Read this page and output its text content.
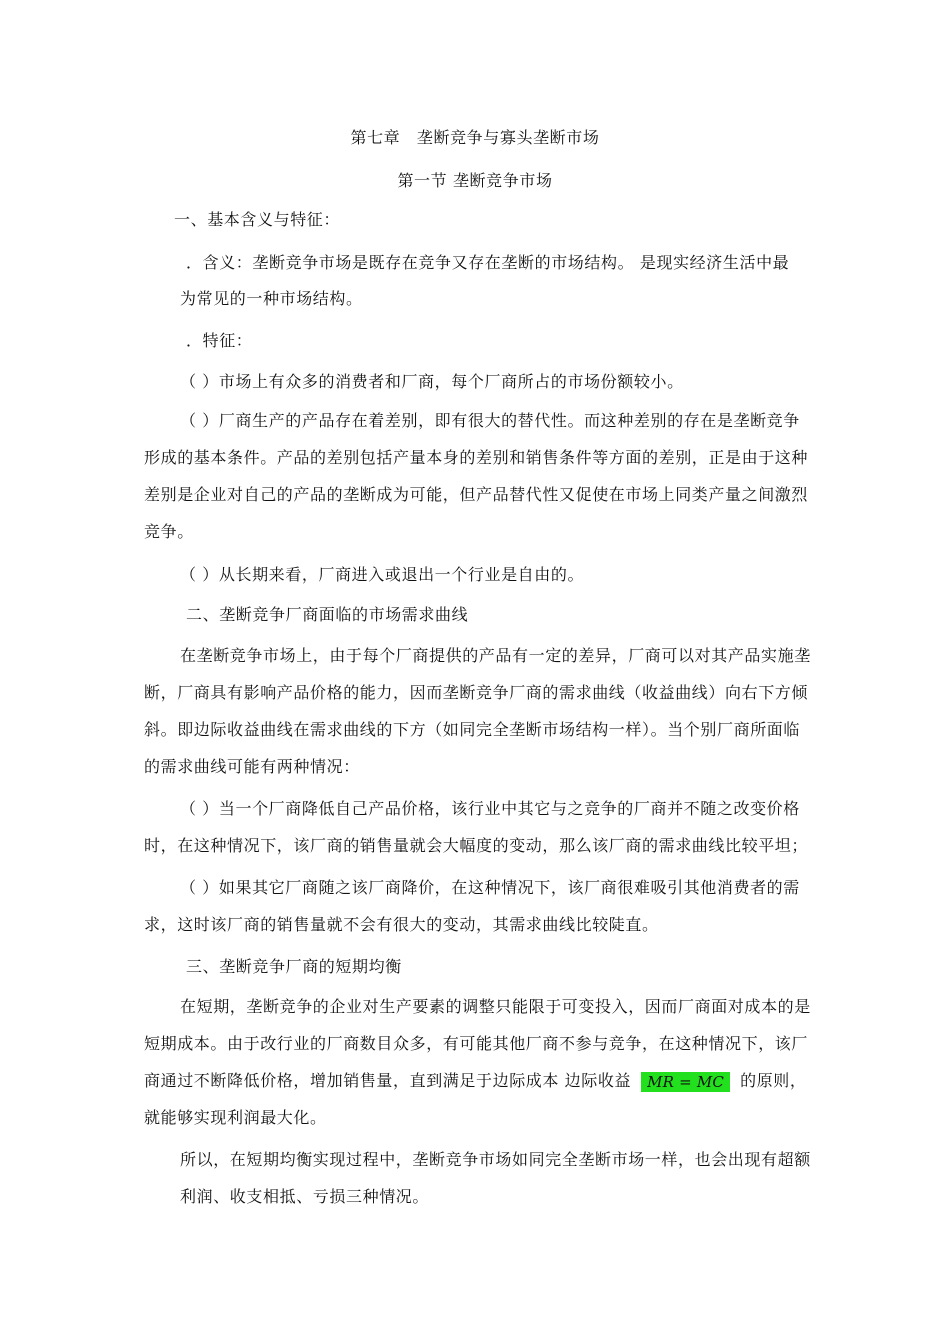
第七章　垄断竞争与寡头垄断市场
第一节 垄断竞争市场
一、基本含义与特征：
．含义：垄断竞争市场是既存在竞争又存在垄断的市场结构。 是现实经济生活中最
为常见的一种市场结构。
．特征：
（ ）市场上有众多的消费者和厂商，每个厂商所占的市场份额较小。
（ ）厂商生产的产品存在着差别，即有很大的替代性。而这种差别的存在是垄断竞争
形成的基本条件。产品的差别包括产量本身的差别和销售条件等方面的差别，正是由于这种
差别是企业对自己的产品的垄断成为可能，但产品替代性又促使在市场上同类产量之间激烈
竞争。
（ ）从长期来看，厂商进入或退出一个行业是自由的。
二、垄断竞争厂商面临的市场需求曲线
在垄断竞争市场上，由于每个厂商提供的产品有一定的差异，厂商可以对其产品实施垄
断，厂商具有影响产品价格的能力，因而垄断竞争厂商的需求曲线（收益曲线）向右下方倾
斜。即边际收益曲线在需求曲线的下方（如同完全垄断市场结构一样）。当个别厂商所面临
的需求曲线可能有两种情况：
（ ）当一个厂商降低自己产品价格，该行业中其它与之竞争的厂商并不随之改变价格
时，在这种情况下，该厂商的销售量就会大幅度的变动，那么该厂商的需求曲线比较平坦；
（ ）如果其它厂商随之该厂商降价，在这种情况下，该厂商很难吸引其他消费者的需
求，这时该厂商的销售量就不会有很大的变动，其需求曲线比较陡直。
三、垄断竞争厂商的短期均衡
在短期，垄断竞争的企业对生产要素的调整只能限于可变投入，因而厂商面对成本的是
短期成本。由于改行业的厂商数目众多，有可能其他厂商不参与竞争，在这种情况下，该厂
商通过不断降低价格，增加销售量，直到满足于边际成本 边际收益 MR = MC 的原则，
就能够实现利润最大化。
所以，在短期均衡实现过程中，垄断竞争市场如同完全垄断市场一样，也会出现有超额
利润、收支相抵、亏损三种情况。
